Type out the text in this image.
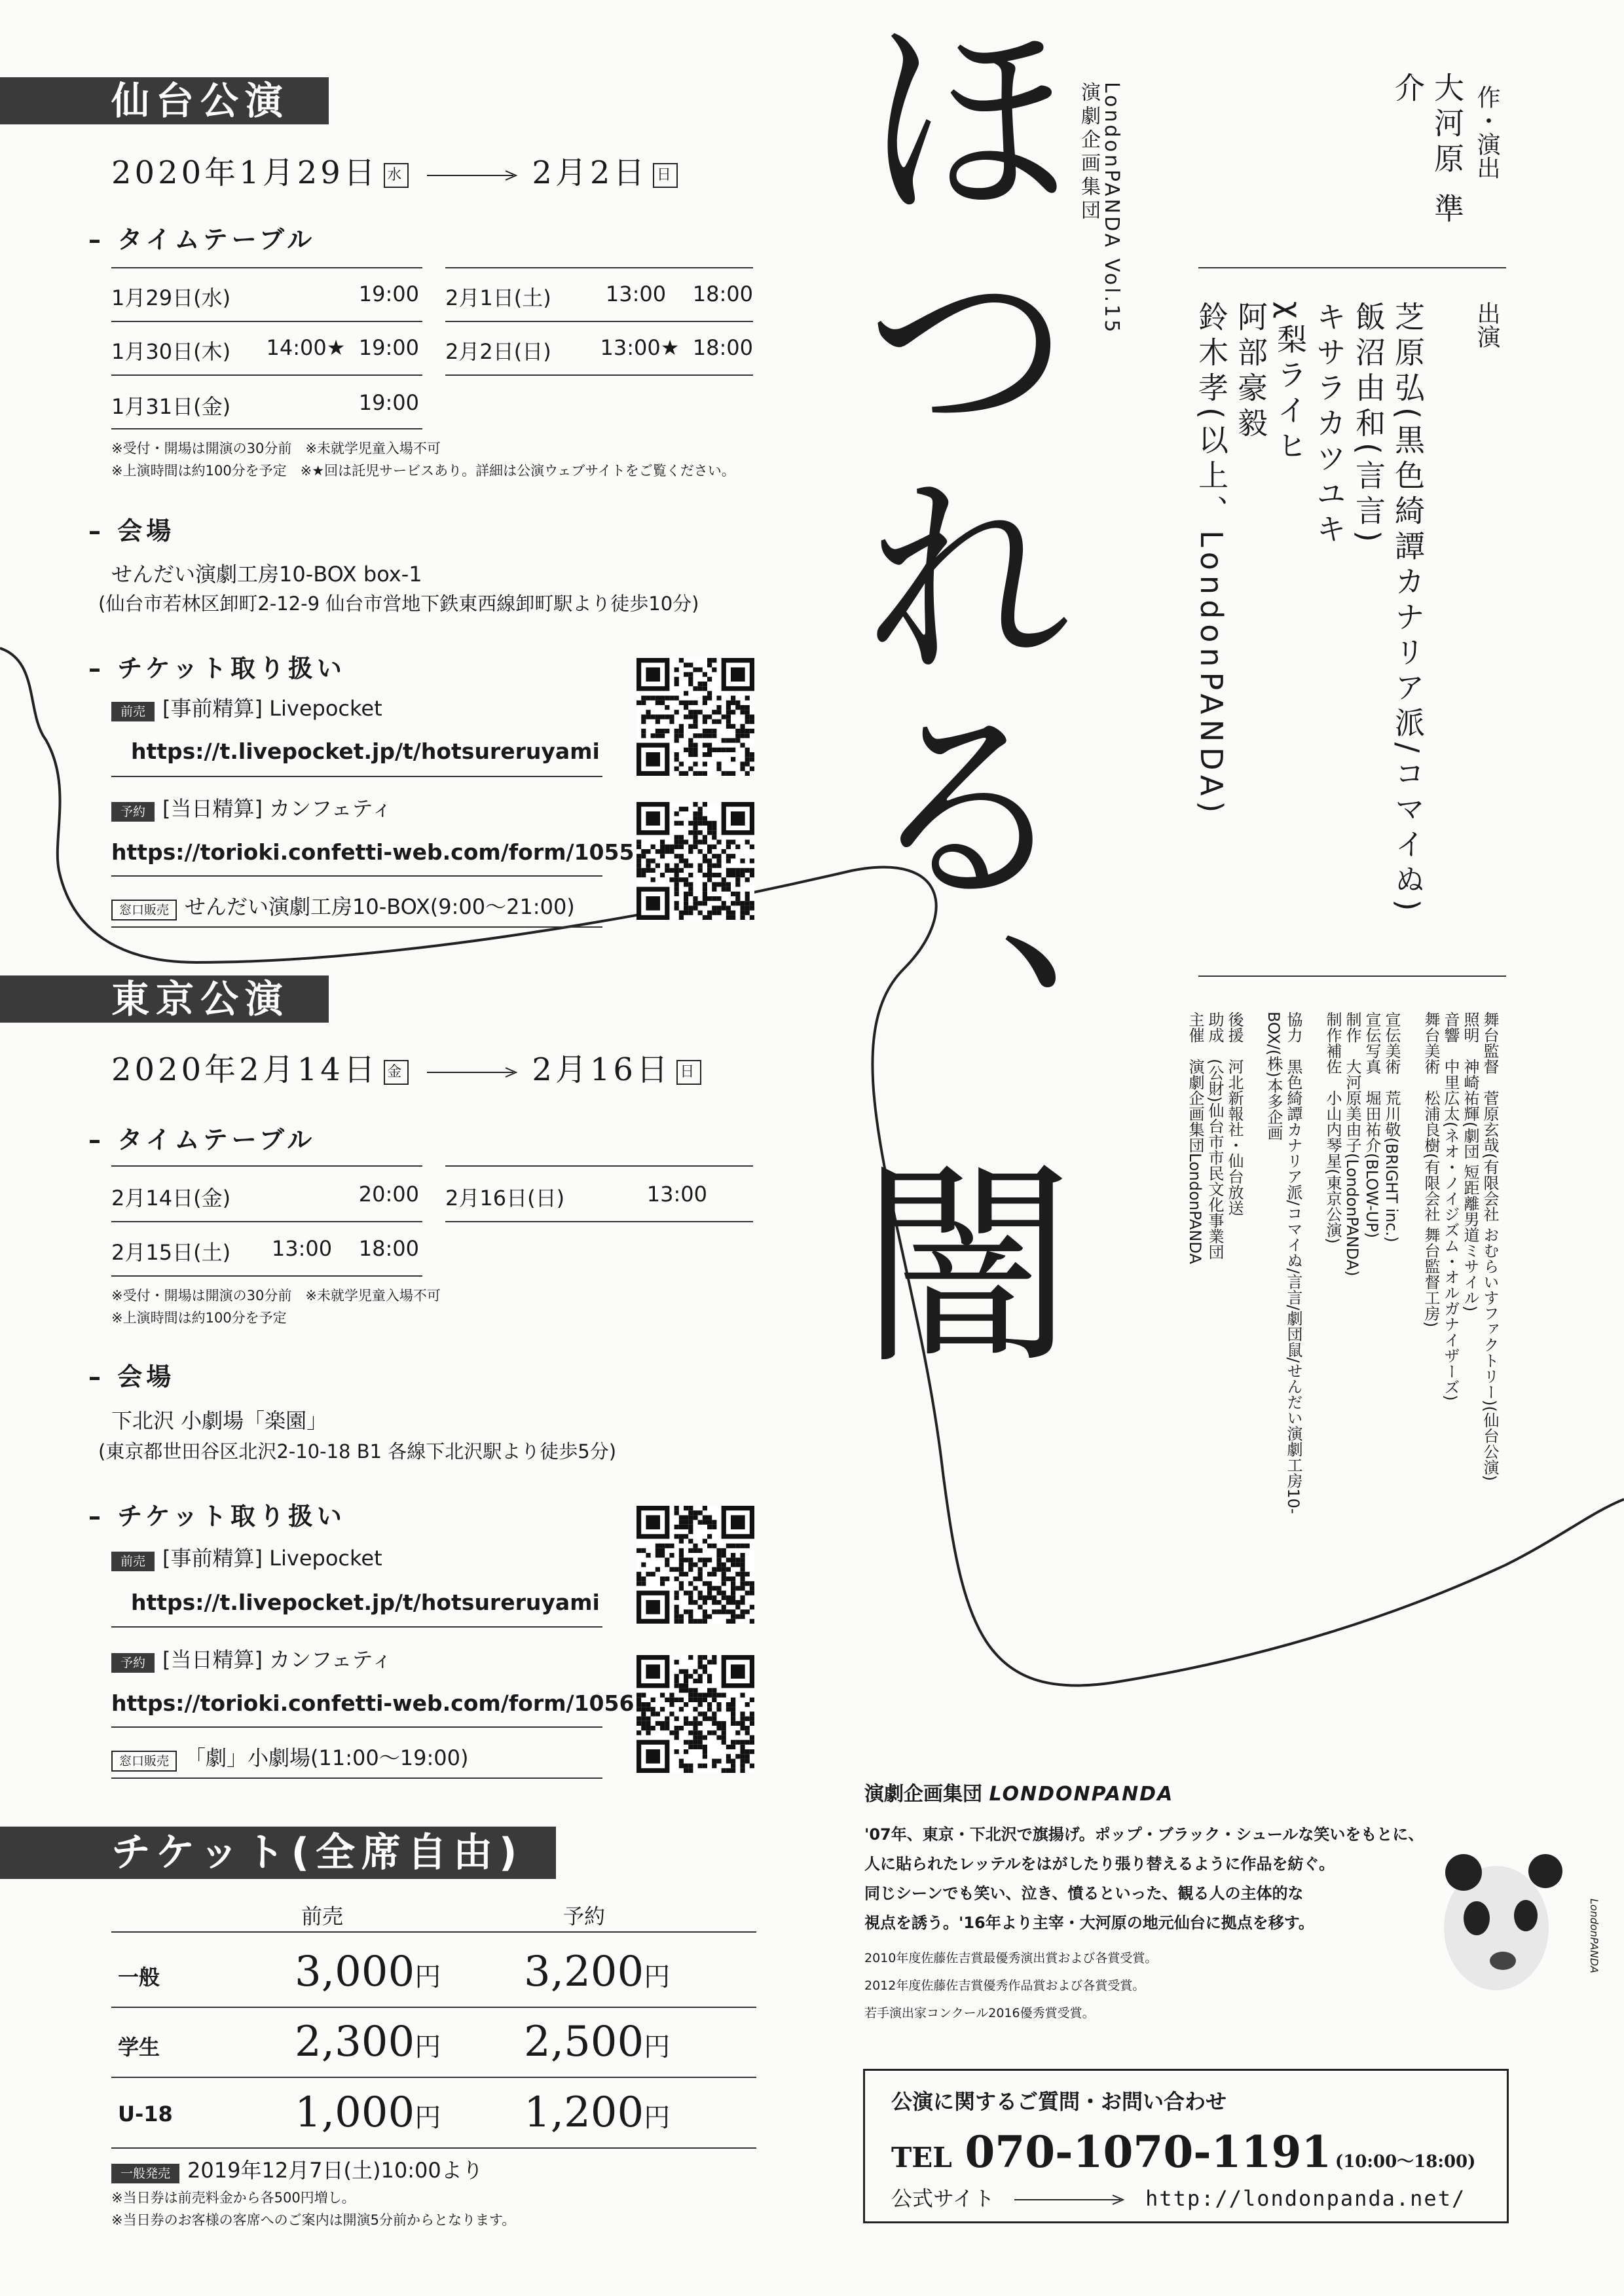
仙台公演
2020年1月29日 水	2月2日 日
– タイムテーブル
1月29日(水)	19:00
1月30日(木) 14:00★  19:00
1月31日(金)	19:00
2月1日(土)	13:00    18:00
2月2日(日) 13:00★  18:00
※受付・開場は開演の30分前　※未就学児童入場不可
※上演時間は約100分を予定　※★回は託児サービスあり。詳細は公演ウェブサイトをご覧ください。
– 会場
せんだい演劇工房10-BOX box-1
(仙台市若林区卸町2-12-9 仙台市営地下鉄東西線卸町駅より徒歩10分)
– チケット取り扱い
前売 [事前精算] Livepocket
https://t.livepocket.jp/t/hotsureruyami
予約 [当日精算] カンフェティ
https://torioki.confetti-web.com/form/1055
窓口販売 せんだい演劇工房10-BOX(9:00〜21:00)
東京公演
2020年2月14日 金	2月16日 日
– タイムテーブル
2月14日(金)	20:00
2月15日(土) 13:00    18:00
2月16日(日)	13:00
※受付・開場は開演の30分前　※未就学児童入場不可
※上演時間は約100分を予定
– 会場
下北沢 小劇場「楽園」
(東京都世田谷区北沢2-10-18 B1 各線下北沢駅より徒歩5分)
– チケット取り扱い
前売 [事前精算] Livepocket
https://t.livepocket.jp/t/hotsureruyami
予約 [当日精算] カンフェティ
https://torioki.confetti-web.com/form/1056
窓口販売 「劇」小劇場(11:00〜19:00)
チケット(全席自由)
前売	予約
一般	3,000円 3,200円
学生	2,300円 2,500円
U-18	1,000円 1,200円
一般発売 2019年12月7日(土)10:00より
※当日券は前売料金から各500円増し。
※当日券のお客様の客席へのご案内は開演5分前からとなります。
ほつれる、闇 演劇企画集団 LondonPANDA Vol.15	作・演出
大河原 準介
出演
芝原弘(黒色綺譚カナリア派/コマイぬ)
飯沼由和(言言)
キサラカツユキ
χ梨ライヒ
阿部豪毅
鈴木孝(以上、LondonPANDA)
舞台監督　菅原玄哉(有限会社 おむらいすファクトリー)(仙台公演)
照明　神崎祐輝(劇団 短距離男道ミサイル)
音響　中里広太(ネオ・ノイジズム・オルガナイザーズ)
舞台美術　松浦良樹(有限会社 舞台監督工房)

宣伝美術　荒川敬(BRIGHT inc.)
宣伝写真　堀田祐介(BLOW-UP)
制作　大河原美由子(LondonPANDA)
制作補佐　小山内琴星(東京公演)

協力　黒色綺譚カナリア派/コマイぬ/言言/劇団鼠/せんだい演劇工房10-BOX/(株)本多企画

後援　河北新報社・仙台放送
助成　(公財)仙台市市民文化事業団
主催　演劇企画集団LondonPANDA
演劇企画集団 LONDONPANDA
'07年、東京・下北沢で旗揚げ。ポップ・ブラック・シュールな笑いをもとに、
人に貼られたレッテルをはがしたり張り替えるように作品を紡ぐ。
同じシーンでも笑い、泣き、憤るといった、観る人の主体的な
視点を誘う。'16年より主宰・大河原の地元仙台に拠点を移す。
2010年度佐藤佐吉賞最優秀演出賞および各賞受賞。
2012年度佐藤佐吉賞優秀作品賞および各賞受賞。
若手演出家コンクール2016優秀賞受賞。
LondonPANDA
公演に関するご質問・お問い合わせ
TEL 070-1070-1191 (10:00〜18:00)
公式サイト	http://londonpanda.net/
